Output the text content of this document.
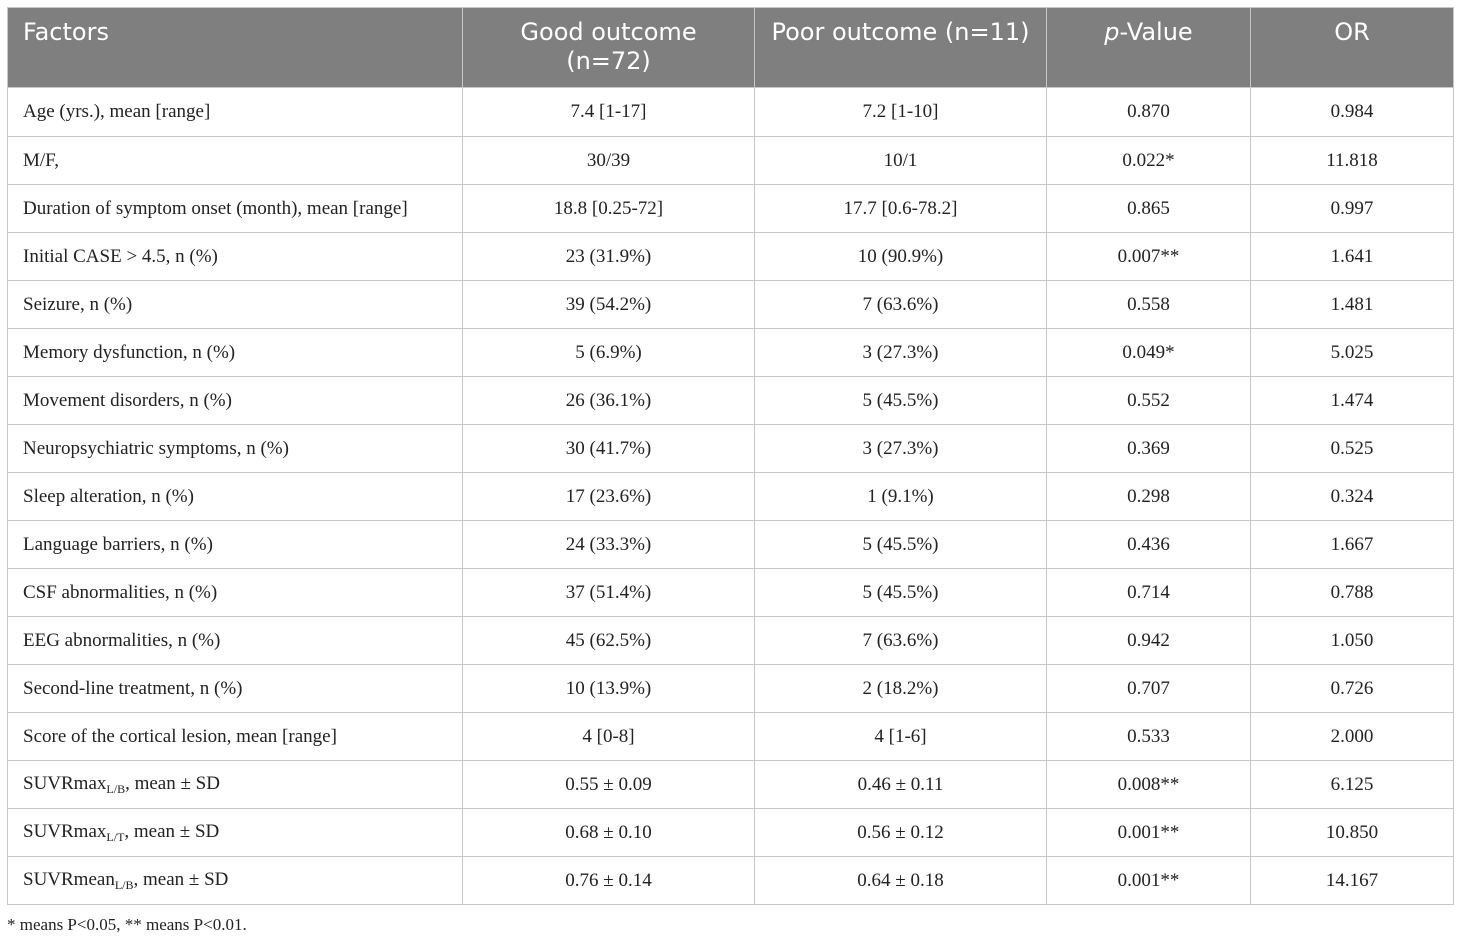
Factors	Good outcome (n=72)	Poor outcome (n=11)	p-Value	OR
Age (yrs.), mean [range]	7.4 [1-17]	7.2 [1-10]	0.870	0.984
M/F,	30/39	10/1	0.022*	11.818
Duration of symptom onset (month), mean [range]	18.8 [0.25-72]	17.7 [0.6-78.2]	0.865	0.997
Initial CASE > 4.5, n (%)	23 (31.9%)	10 (90.9%)	0.007**	1.641
Seizure, n (%)	39 (54.2%)	7 (63.6%)	0.558	1.481
Memory dysfunction, n (%)	5 (6.9%)	3 (27.3%)	0.049*	5.025
Movement disorders, n (%)	26 (36.1%)	5 (45.5%)	0.552	1.474
Neuropsychiatric symptoms, n (%)	30 (41.7%)	3 (27.3%)	0.369	0.525
Sleep alteration, n (%)	17 (23.6%)	1 (9.1%)	0.298	0.324
Language barriers, n (%)	24 (33.3%)	5 (45.5%)	0.436	1.667
CSF abnormalities, n (%)	37 (51.4%)	5 (45.5%)	0.714	0.788
EEG abnormalities, n (%)	45 (62.5%)	7 (63.6%)	0.942	1.050
Second-line treatment, n (%)	10 (13.9%)	2 (18.2%)	0.707	0.726
Score of the cortical lesion, mean [range]	4 [0-8]	4 [1-6]	0.533	2.000
SUVRmax$_{L/B}$, mean ± SD	0.55 ± 0.09	0.46 ± 0.11	0.008**	6.125
SUVRmax$_{L/T}$, mean ± SD	0.68 ± 0.10	0.56 ± 0.12	0.001**	10.850
SUVRmean$_{L/B}$, mean ± SD	0.76 ± 0.14	0.64 ± 0.18	0.001**	14.167
* means P<0.05, ** means P<0.01.
